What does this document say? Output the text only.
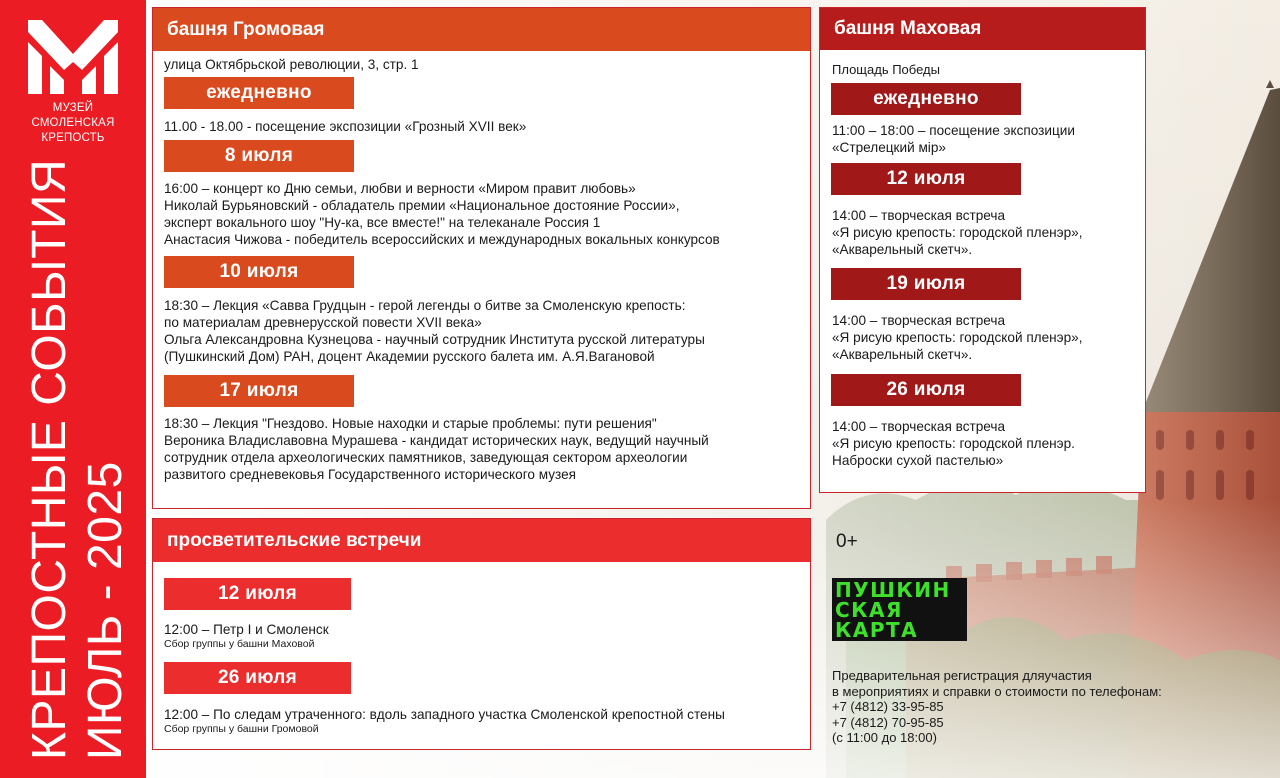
МУЗЕЙ
СМОЛЕНСКАЯ
КРЕПОСТЬ
КРЕПОСТНЫЕ СОБЫТИЯ ИЮЛЬ - 2025
башня Громовая
улица Октябрьской революции, 3, стр. 1
ежедневно
11.00 - 18.00 - посещение экспозиции «Грозный XVII век»
8 июля
16:00 – концерт ко Дню семьи, любви и верности «Миром правит любовь»
Николай Бурьяновский - обладатель премии «Национальное достояние России»,
эксперт вокального шоу "Ну-ка, все вместе!" на телеканале Россия 1
Анастасия Чижова - победитель всероссийских и международных вокальных конкурсов
10 июля
18:30 – Лекция «Савва Грудцын - герой легенды о битве за Смоленскую крепость:
по материалам древнерусской повести XVII века»
Ольга Александровна Кузнецова - научный сотрудник Института русской литературы
(Пушкинский Дом) РАН, доцент Академии русского балета им. А.Я.Вагановой
17 июля
18:30 – Лекция "Гнездово. Новые находки и старые проблемы: пути решения"
Вероника Владиславовна Мурашева - кандидат исторических наук, ведущий научный
сотрудник отдела археологических памятников, заведующая сектором археологии
развитого средневековья Государственного исторического музея
просветительские встречи
12 июля
12:00 – Петр I и Смоленск
Сбор группы у башни Маховой
26 июля
12:00 – По следам утраченного: вдоль западного участка Смоленской крепостной стены
Сбор группы у башни Громовой
башня Маховая
Площадь Победы
ежедневно
11:00 – 18:00 – посещение экспозиции
«Стрелецкий мiр»
12 июля
14:00 – творческая встреча
«Я рисую крепость: городской пленэр»,
«Акварельный скетч».
19 июля
14:00 – творческая встреча
«Я рисую крепость: городской пленэр»,
«Акварельный скетч».
26 июля
14:00 – творческая встреча
«Я рисую крепость: городской пленэр.
Наброски сухой пастелью»
0+
ПУШКИН
СКАЯ
КАРТА
Предварительная регистрация дляучастия
в мероприятиях и справки о стоимости по телефонам:
+7 (4812) 33-95-85
+7 (4812) 70-95-85
(с 11:00 до 18:00)
